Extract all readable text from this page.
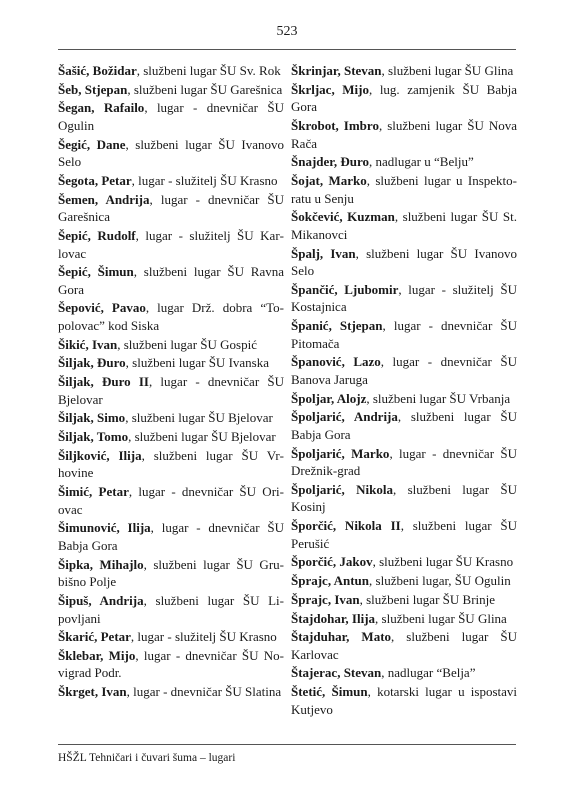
523
Šašić, Božidar, službeni lugar ŠU Sv. Rok
Šeb, Stjepan, službeni lugar ŠU Garešnica
Šegan, Rafailo, lugar - dnevničar ŠU Ogulin
Šegić, Dane, službeni lugar ŠU Ivanovo Selo
Šegota, Petar, lugar - služitelj ŠU Krasno
Šemen, Andrija, lugar - dnevničar ŠU Garešnica
Šepić, Rudolf, lugar - služitelj ŠU Karlovac
Šepić, Šimun, službeni lugar ŠU Ravna Gora
Šepović, Pavao, lugar Drž. dobra “Topolovac” kod Siska
Šikić, Ivan, službeni lugar ŠU Gospić
Šiljak, Đuro, službeni lugar ŠU Ivanska
Šiljak, Đuro II, lugar - dnevničar ŠU Bjelovar
Šiljak, Simo, službeni lugar ŠU Bjelovar
Šiljak, Tomo, službeni lugar ŠU Bjelovar
Šiljković, Ilija, službeni lugar ŠU Vrhovine
Šimić, Petar, lugar - dnevničar ŠU Oriovac
Šimunović, Ilija, lugar - dnevničar ŠU Babja Gora
Šipka, Mihajlo, službeni lugar ŠU Grubišno Polje
Šipuš, Andrija, službeni lugar ŠU Lipovljani
Škarić, Petar, lugar - služitelj ŠU Krasno
Šklebar, Mijo, lugar - dnevničar ŠU Novigrad Podr.
Škrget, Ivan, lugar - dnevničar ŠU Slatina
Škrinjar, Stevan, službeni lugar ŠU Glina
Škrljac, Mijo, lug. zamjenik ŠU Babja Gora
Škrobot, Imbro, službeni lugar ŠU Nova Rača
Šnajder, Đuro, nadlugar u “Belju”
Šojat, Marko, službeni lugar u Inspektoratu u Senju
Šokčević, Kuzman, službeni lugar ŠU St. Mikanovci
Špalj, Ivan, službeni lugar ŠU Ivanovo Selo
Špančić, Ljubomir, lugar - služitelj ŠU Kostajnica
Španić, Stjepan, lugar - dnevničar ŠU Pitomača
Španović, Lazo, lugar - dnevničar ŠU Banova Jaruga
Špoljar, Alojz, službeni lugar ŠU Vrbanja
Špoljarić, Andrija, službeni lugar ŠU Babja Gora
Špoljarić, Marko, lugar - dnevničar ŠU Drežnik-grad
Špoljarić, Nikola, službeni lugar ŠU Kosinj
Šporčić, Nikola II, službeni lugar ŠU Perušić
Šporčić, Jakov, službeni lugar ŠU Krasno
Šprajc, Antun, službeni lugar, ŠU Ogulin
Šprajc, Ivan, službeni lugar ŠU Brinje
Štajdohar, Ilija, službeni lugar ŠU Glina
Štajduhar, Mato, službeni lugar ŠU Karlovac
Štajerac, Stevan, nadlugar “Belja”
Štetić, Šimun, kotarski lugar u ispostavi Kutjevo
HŠŽL Tehničari i čuvari šuma – lugari
